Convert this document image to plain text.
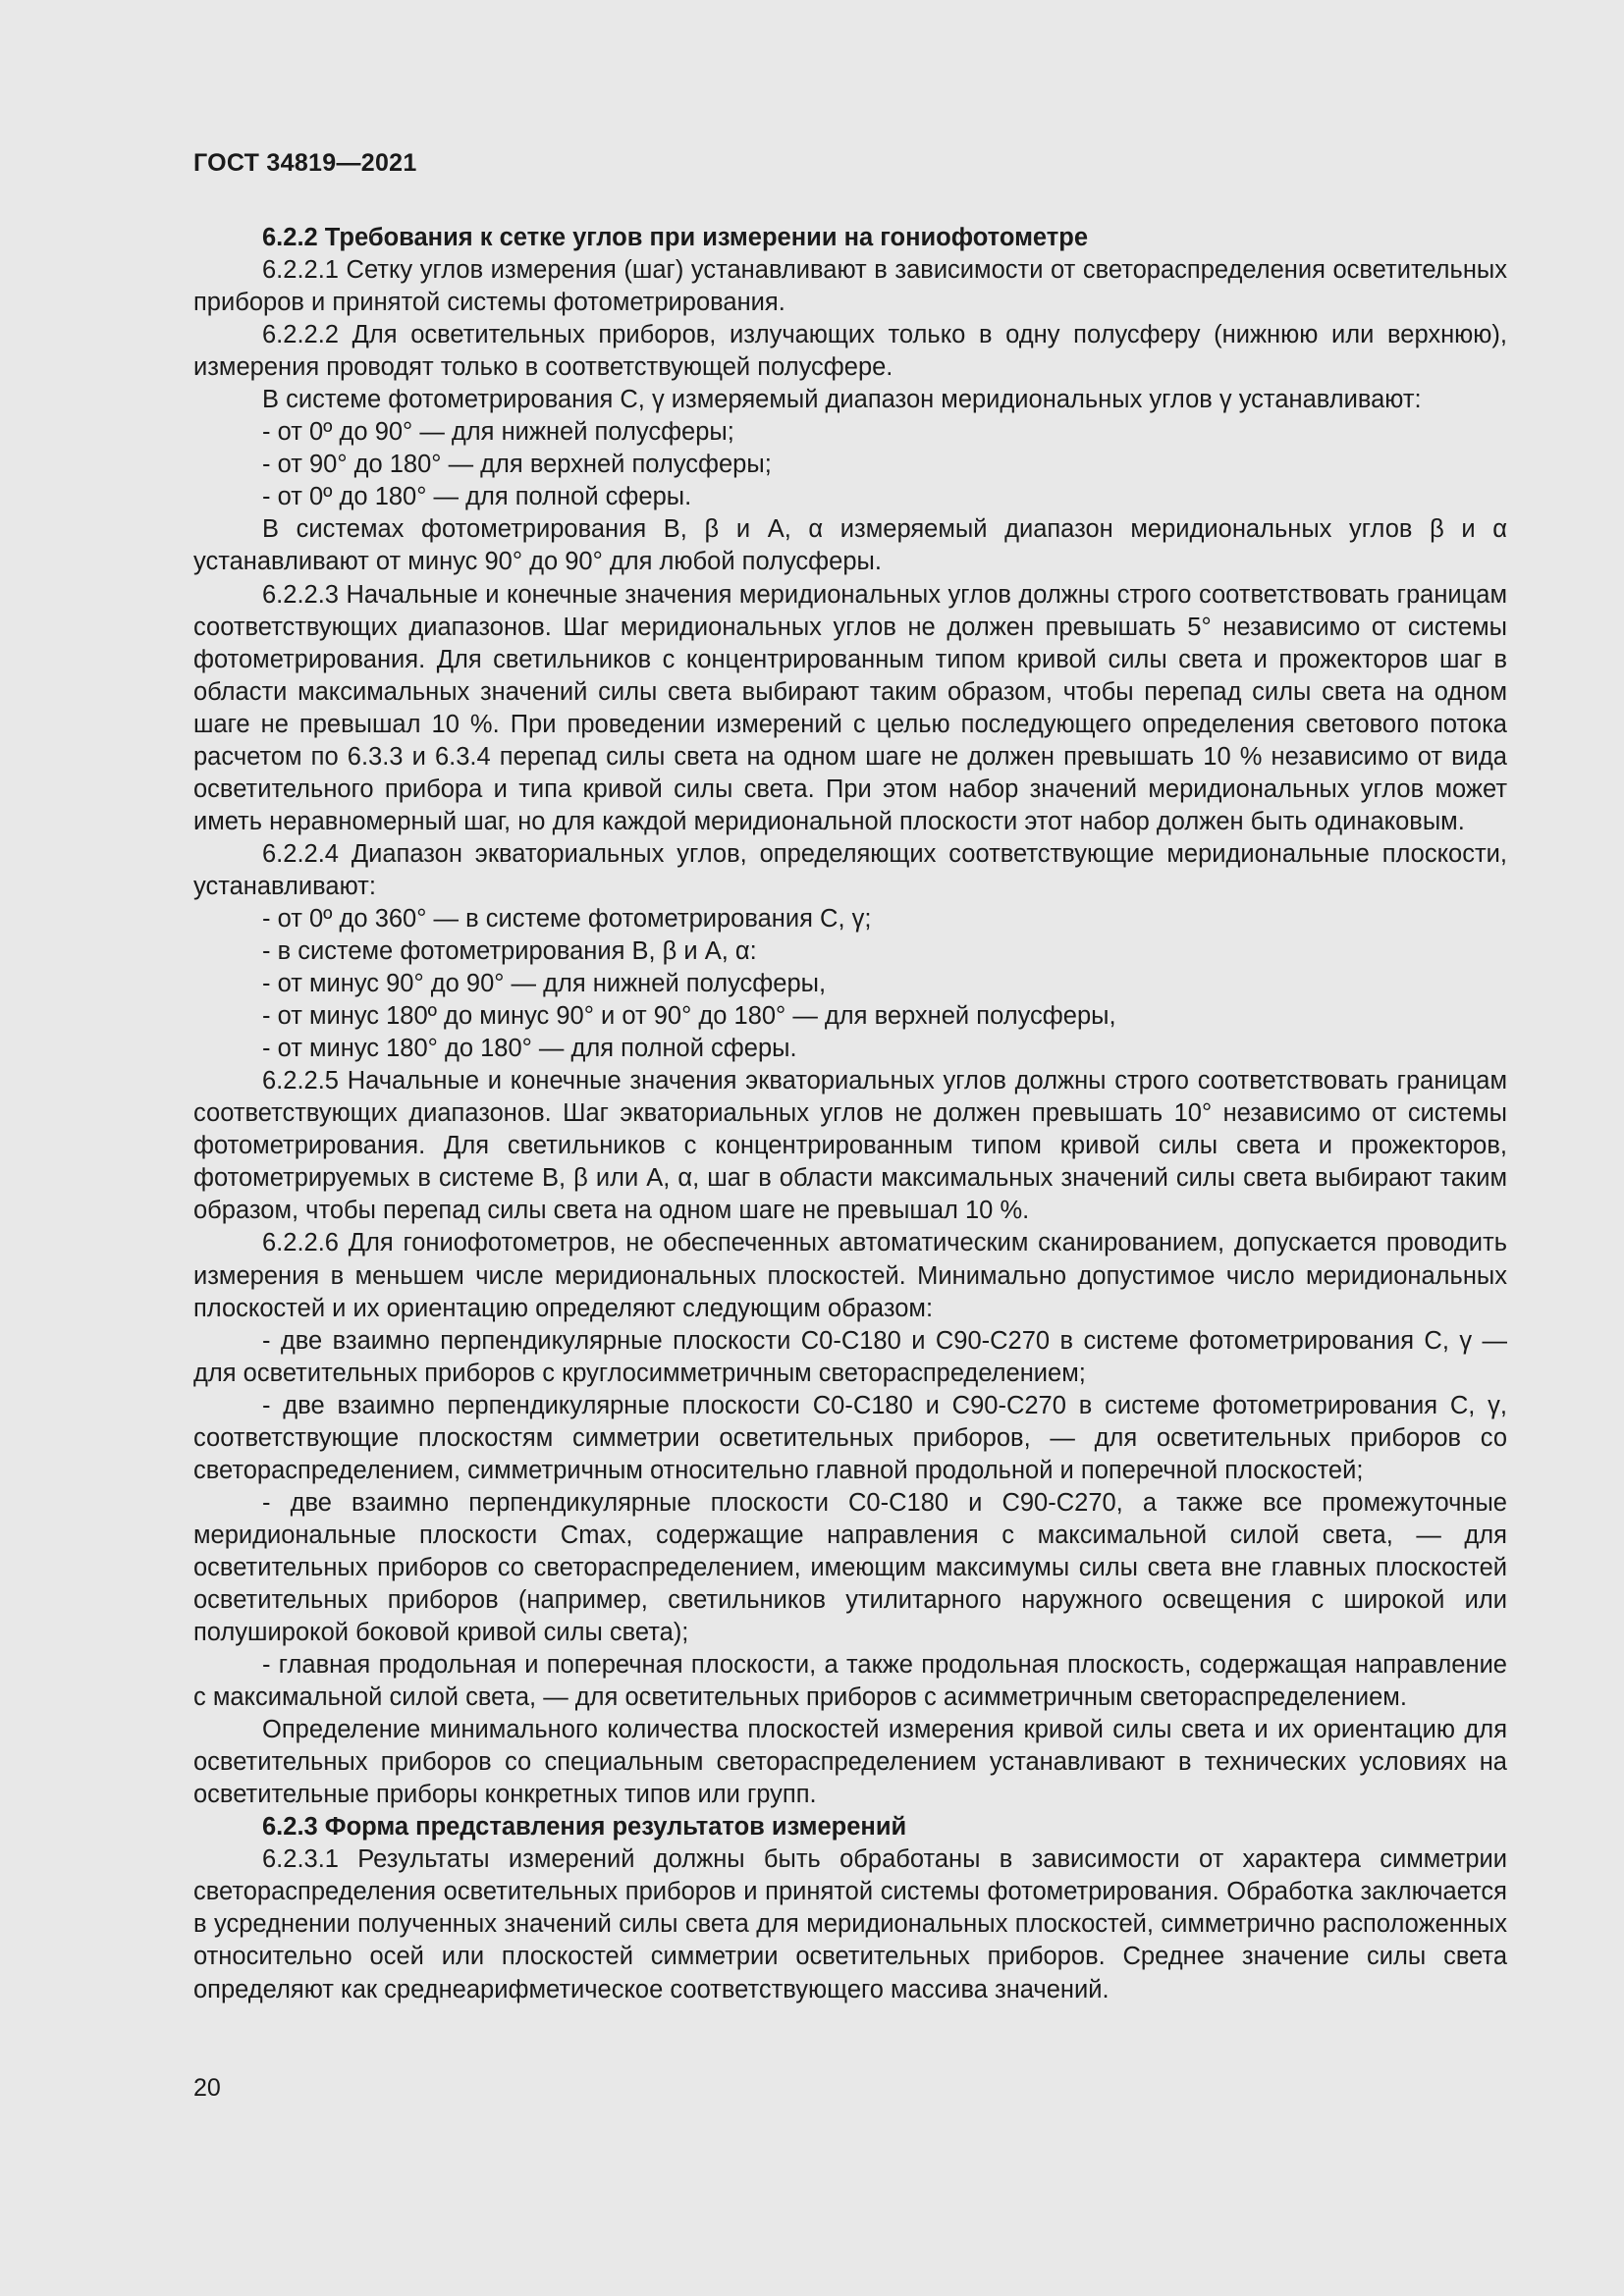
ГОСТ 34819—2021

6.2.2 Требования к сетке углов при измерении на гониофотометре

6.2.2.1 Сетку углов измерения (шаг) устанавливают в зависимости от светораспределения осветительных приборов и принятой системы фотометрирования.

6.2.2.2 Для осветительных приборов, излучающих только в одну полусферу (нижнюю или верхнюю), измерения проводят только в соответствующей полусфере.

В системе фотометрирования С, γ измеряемый диапазон меридиональных углов γ устанавливают:

- от 0º до 90° — для нижней полусферы;

- от 90° до 180° — для верхней полусферы;

- от 0º до 180° — для полной сферы.

В системах фотометрирования В, β и А, α измеряемый диапазон меридиональных углов β и α устанавливают от минус 90° до 90° для любой полусферы.

6.2.2.3 Начальные и конечные значения меридиональных углов должны строго соответствовать границам соответствующих диапазонов. Шаг меридиональных углов не должен превышать 5° независимо от системы фотометрирования. Для светильников с концентрированным типом кривой силы света и прожекторов шаг в области максимальных значений силы света выбирают таким образом, чтобы перепад силы света на одном шаге не превышал 10 %. При проведении измерений с целью последующего определения светового потока расчетом по 6.3.3 и 6.3.4 перепад силы света на одном шаге не должен превышать 10 % независимо от вида осветительного прибора и типа кривой силы света. При этом набор значений меридиональных углов может иметь неравномерный шаг, но для каждой меридиональной плоскости этот набор должен быть одинаковым.

6.2.2.4 Диапазон экваториальных углов, определяющих соответствующие меридиональные плоскости, устанавливают:

- от 0º до 360° — в системе фотометрирования С, γ;

- в системе фотометрирования В, β и А, α:

- от минус 90° до 90° — для нижней полусферы,

- от минус 180º до минус 90° и от 90° до 180° — для верхней полусферы,

- от минус 180° до 180° — для полной сферы.

6.2.2.5 Начальные и конечные значения экваториальных углов должны строго соответствовать границам соответствующих диапазонов. Шаг экваториальных углов не должен превышать 10° независимо от системы фотометрирования. Для светильников с концентрированным типом кривой силы света и прожекторов, фотометрируемых в системе В, β или А, α, шаг в области максимальных значений силы света выбирают таким образом, чтобы перепад силы света на одном шаге не превышал 10 %.

6.2.2.6 Для гониофотометров, не обеспеченных автоматическим сканированием, допускается проводить измерения в меньшем числе меридиональных плоскостей. Минимально допустимое число меридиональных плоскостей и их ориентацию определяют следующим образом:

- две взаимно перпендикулярные плоскости С0-С180 и С90-С270 в системе фотометрирования С, γ — для осветительных приборов с круглосимметричным светораспределением;

- две взаимно перпендикулярные плоскости С0-С180 и С90-С270 в системе фотометрирования С, γ, соответствующие плоскостям симметрии осветительных приборов, — для осветительных приборов со светораспределением, симметричным относительно главной продольной и поперечной плоскостей;

- две взаимно перпендикулярные плоскости С0-С180 и С90-С270, а также все промежуточные меридиональные плоскости Сmax, содержащие направления с максимальной силой света, — для осветительных приборов со светораспределением, имеющим максимумы силы света вне главных плоскостей осветительных приборов (например, светильников утилитарного наружного освещения с широкой или полуширокой боковой кривой силы света);

- главная продольная и поперечная плоскости, а также продольная плоскость, содержащая направление с максимальной силой света, — для осветительных приборов с асимметричным светораспределением.

Определение минимального количества плоскостей измерения кривой силы света и их ориентацию для осветительных приборов со специальным светораспределением устанавливают в технических условиях на осветительные приборы конкретных типов или групп.

6.2.3 Форма представления результатов измерений

6.2.3.1 Результаты измерений должны быть обработаны в зависимости от характера симметрии светораспределения осветительных приборов и принятой системы фотометрирования. Обработка заключается в усреднении полученных значений силы света для меридиональных плоскостей, симметрично расположенных относительно осей или плоскостей симметрии осветительных приборов. Среднее значение силы света определяют как среднеарифметическое соответствующего массива значений.

20
